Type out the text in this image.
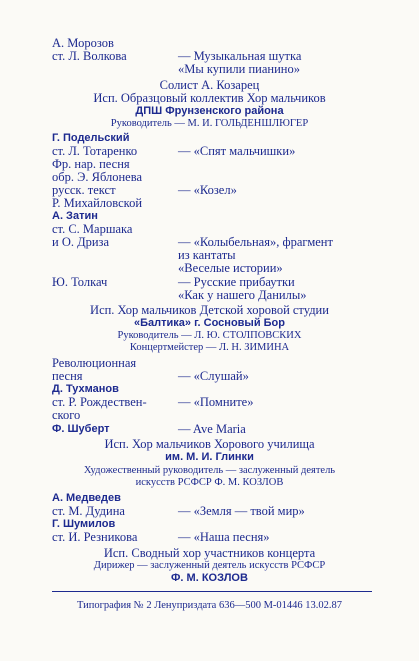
А. Морозов
ст. Л. Волкова	— Музыкальная шутка
«Мы купили пианино»
Солист А. Козарец
Исп. Образцовый коллектив Хор мальчиков
ДПШ Фрунзенского района
Руководитель — М. И. ГОЛЬДЕНШЛЮГЕР
Г. Подельский
ст. Л. Тотаренко	— «Спят мальчишки»
Фр. нар. песня
обр. Э. Яблонева
русск. текст	— «Козел»
Р. Михайловской
А. Затин
ст. С. Маршака
и О. Дриза	— «Колыбельная», фрагмент
из кантаты
«Веселые истории»
Ю. Толкач	— Русские прибаутки
«Как у нашего Данилы»
Исп. Хор мальчиков Детской хоровой студии
«Балтика» г. Сосновый Бор
Руководитель — Л. Ю. СТОЛПОВСКИХ
Концертмейстер — Л. Н. ЗИМИНА
Революционная
песня	— «Слушай»
Д. Тухманов
ст. Р. Рождествен-	— «Помните»
ского
Ф. Шуберт	— Ave Maria
Исп. Хор мальчиков Хорового училища
им. М. И. Глинки
Художественный руководитель — заслуженный деятель
искусств РСФСР Ф. М. КОЗЛОВ
А. Медведев
ст. М. Дудина	— «Земля — твой мир»
Г. Шумилов
ст. И. Резникова	— «Наша песня»
Исп. Сводный хор участников концерта
Дирижер — заслуженный деятель искусств РСФСР
Ф. М. КОЗЛОВ
Типография № 2 Ленуприздата 636—500 М-01446 13.02.87
